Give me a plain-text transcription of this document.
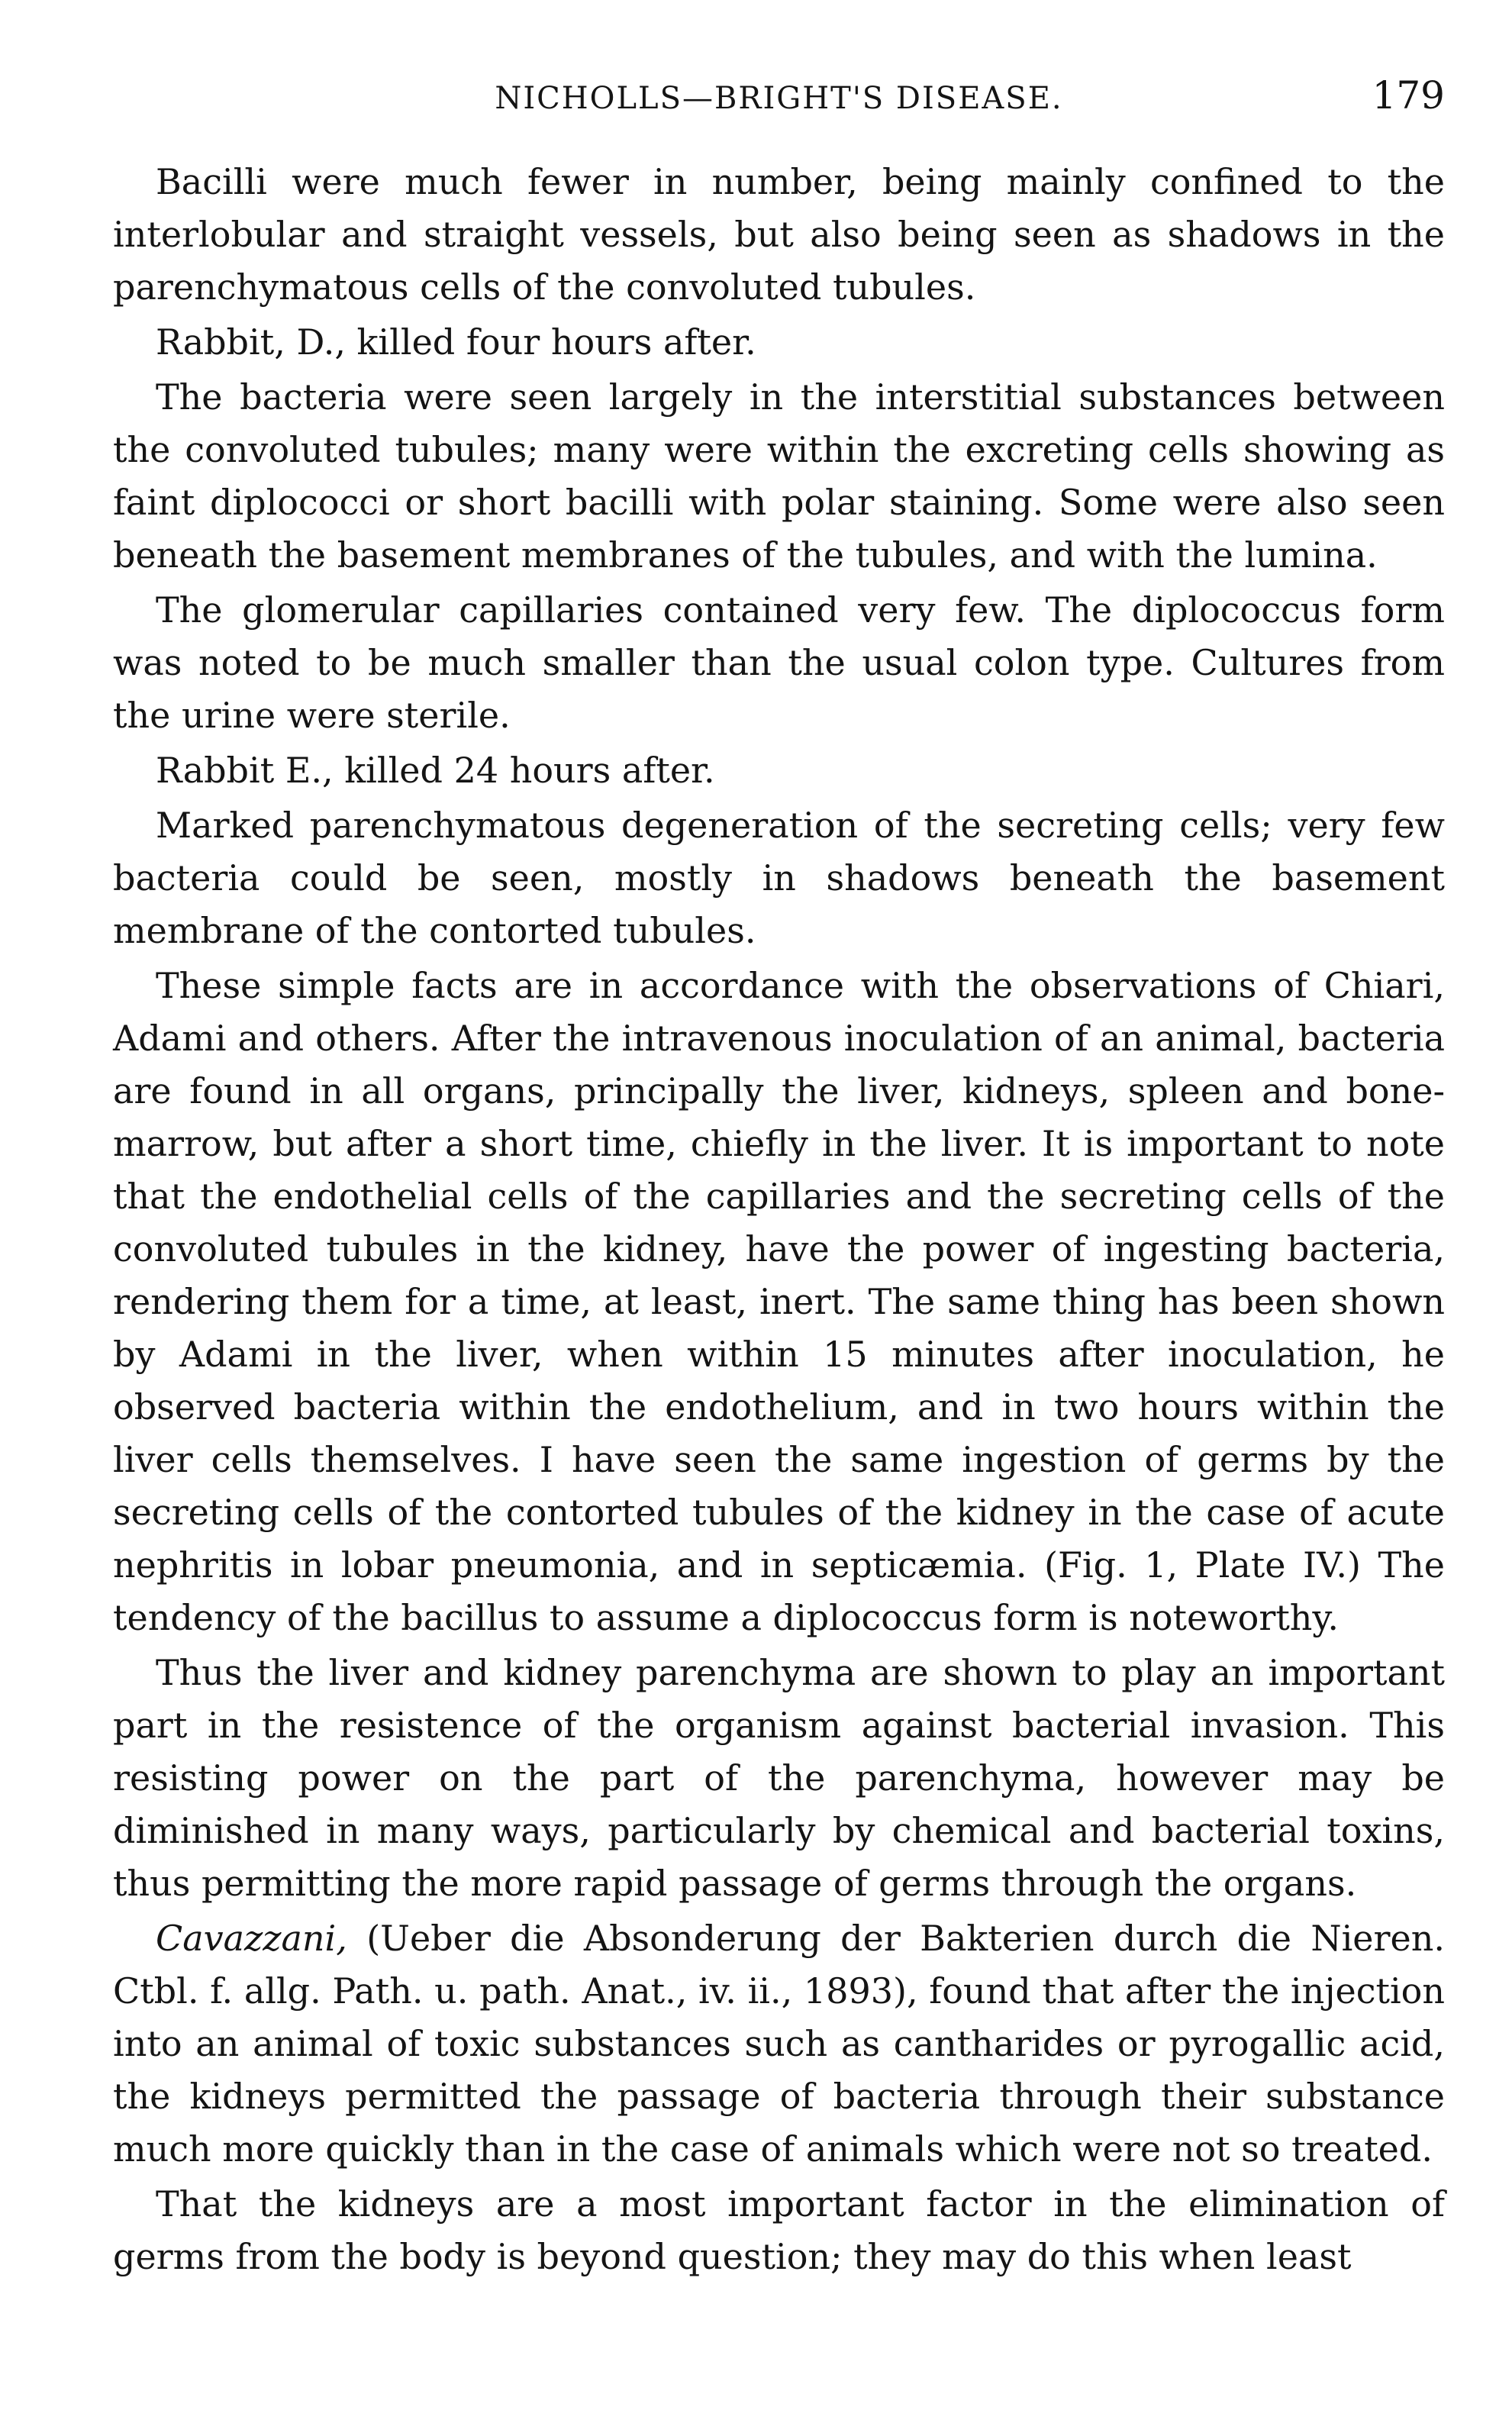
NICHOLLS—BRIGHT'S DISEASE.	179

Bacilli were much fewer in number, being mainly confined to the interlobular and straight vessels, but also being seen as shadows in the parenchymatous cells of the convoluted tubules.

Rabbit, D., killed four hours after.

The bacteria were seen largely in the interstitial substances between the convoluted tubules; many were within the excreting cells showing as faint diplococci or short bacilli with polar staining. Some were also seen beneath the basement membranes of the tubules, and with the lumina.

The glomerular capillaries contained very few. The diplococcus form was noted to be much smaller than the usual colon type. Cultures from the urine were sterile.

Rabbit E., killed 24 hours after.

Marked parenchymatous degeneration of the secreting cells; very few bacteria could be seen, mostly in shadows beneath the basement membrane of the contorted tubules.

These simple facts are in accordance with the observations of Chiari, Adami and others. After the intravenous inoculation of an animal, bacteria are found in all organs, principally the liver, kidneys, spleen and bone-marrow, but after a short time, chiefly in the liver. It is important to note that the endothelial cells of the capillaries and the secreting cells of the convoluted tubules in the kidney, have the power of ingesting bacteria, rendering them for a time, at least, inert. The same thing has been shown by Adami in the liver, when within 15 minutes after inoculation, he observed bacteria within the endothelium, and in two hours within the liver cells themselves. I have seen the same ingestion of germs by the secreting cells of the contorted tubules of the kidney in the case of acute nephritis in lobar pneumonia, and in septicæmia. (Fig. 1, Plate IV.) The tendency of the bacillus to assume a diplococcus form is noteworthy.

Thus the liver and kidney parenchyma are shown to play an important part in the resistence of the organism against bacterial invasion. This resisting power on the part of the parenchyma, however may be diminished in many ways, particularly by chemical and bacterial toxins, thus permitting the more rapid passage of germs through the organs.

Cavazzani, (Ueber die Absonderung der Bakterien durch die Nieren. Ctbl. f. allg. Path. u. path. Anat., iv. ii., 1893), found that after the injection into an animal of toxic substances such as cantharides or pyrogallic acid, the kidneys permitted the passage of bacteria through their substance much more quickly than in the case of animals which were not so treated.

That the kidneys are a most important factor in the elimination of germs from the body is beyond question; they may do this when least
